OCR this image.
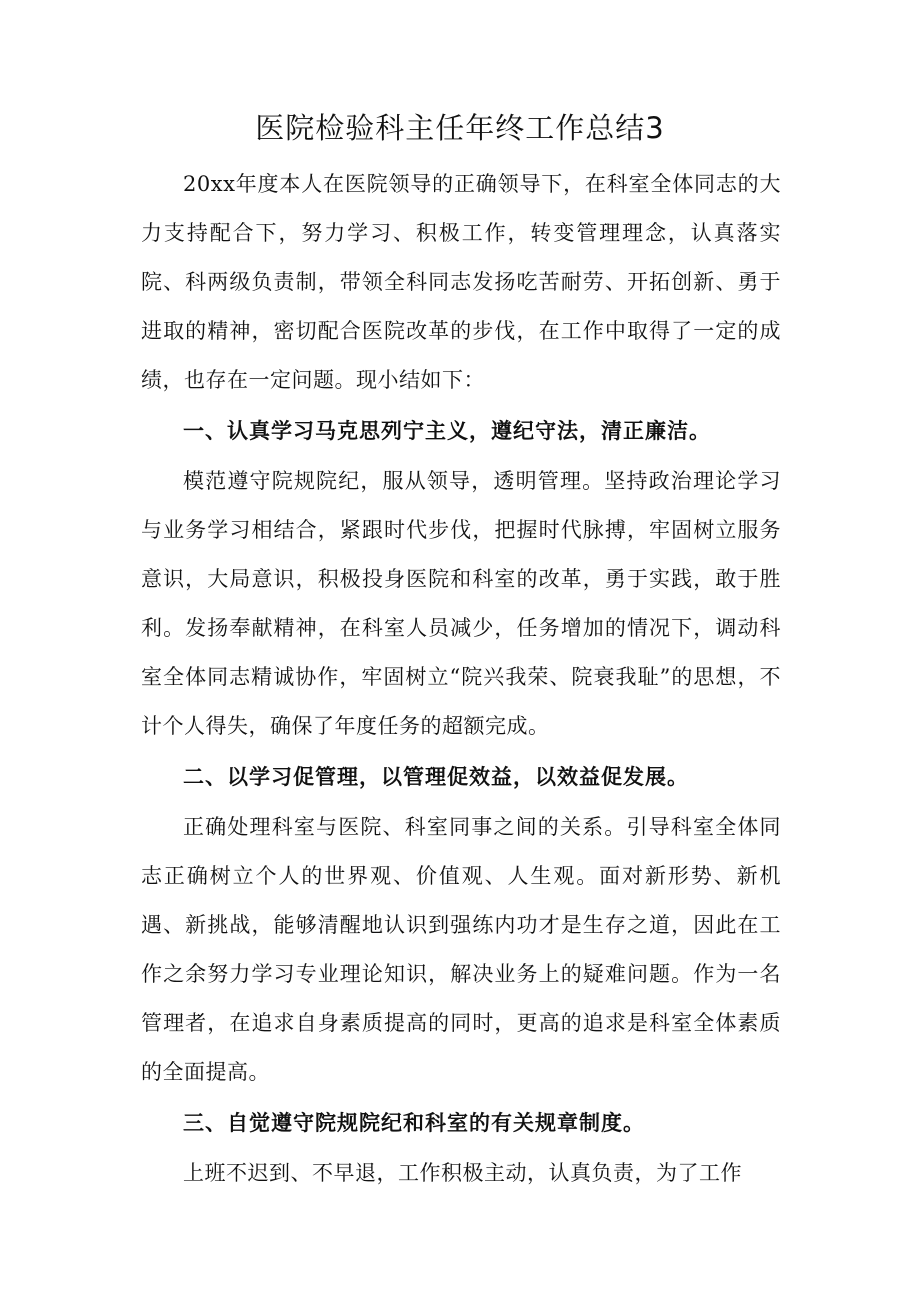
医院检验科主任年终工作总结3

20xx年度本人在医院领导的正确领导下，在科室全体同志的大力支持配合下，努力学习、积极工作，转变管理理念，认真落实院、科两级负责制，带领全科同志发扬吃苦耐劳、开拓创新、勇于进取的精神，密切配合医院改革的步伐，在工作中取得了一定的成绩，也存在一定问题。现小结如下：

一、认真学习马克思列宁主义，遵纪守法，清正廉洁。

模范遵守院规院纪，服从领导，透明管理。坚持政治理论学习与业务学习相结合，紧跟时代步伐，把握时代脉搏，牢固树立服务意识，大局意识，积极投身医院和科室的改革，勇于实践，敢于胜利。发扬奉献精神，在科室人员减少，任务增加的情况下，调动科室全体同志精诚协作，牢固树立“院兴我荣、院衰我耻”的思想，不计个人得失，确保了年度任务的超额完成。

二、以学习促管理，以管理促效益，以效益促发展。

正确处理科室与医院、科室同事之间的关系。引导科室全体同志正确树立个人的世界观、价值观、人生观。面对新形势、新机遇、新挑战，能够清醒地认识到强练内功才是生存之道，因此在工作之余努力学习专业理论知识，解决业务上的疑难问题。作为一名管理者，在追求自身素质提高的同时，更高的追求是科室全体素质的全面提高。

三、自觉遵守院规院纪和科室的有关规章制度。

上班不迟到、不早退，工作积极主动，认真负责，为了工作
